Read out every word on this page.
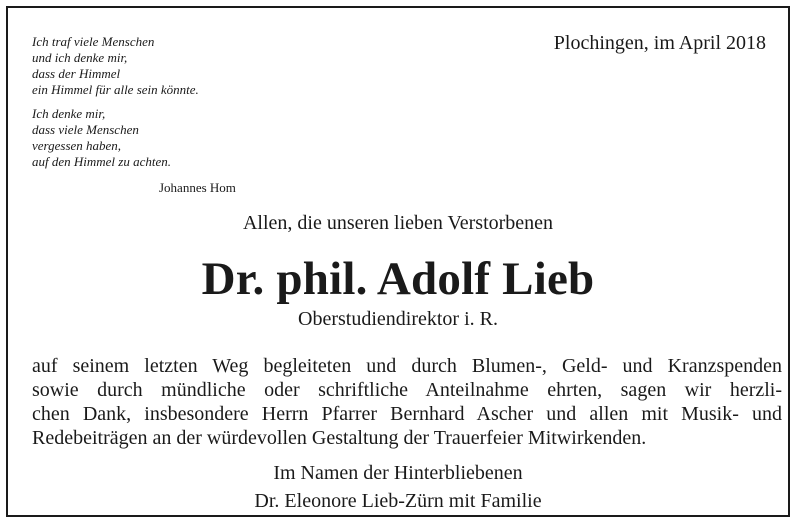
Ich traf viele Menschen
und ich denke mir,
dass der Himmel
ein Himmel für alle sein könnte.
Ich denke mir,
dass viele Menschen
vergessen haben,
auf den Himmel zu achten.
Johannes Hom
Plochingen, im April 2018
Allen, die unseren lieben Verstorbenen
Dr. phil. Adolf Lieb
Oberstudiendirektor i. R.
auf seinem letzten Weg begleiteten und durch Blumen-, Geld- und Kranzspenden
sowie durch mündliche oder schriftliche Anteilnahme ehrten, sagen wir herzli-
chen Dank, insbesondere Herrn Pfarrer Bernhard Ascher und allen mit Musik- und
Redebeiträgen an der würdevollen Gestaltung der Trauerfeier Mitwirkenden.
Im Namen der Hinterbliebenen
Dr. Eleonore Lieb-Zürn mit Familie
